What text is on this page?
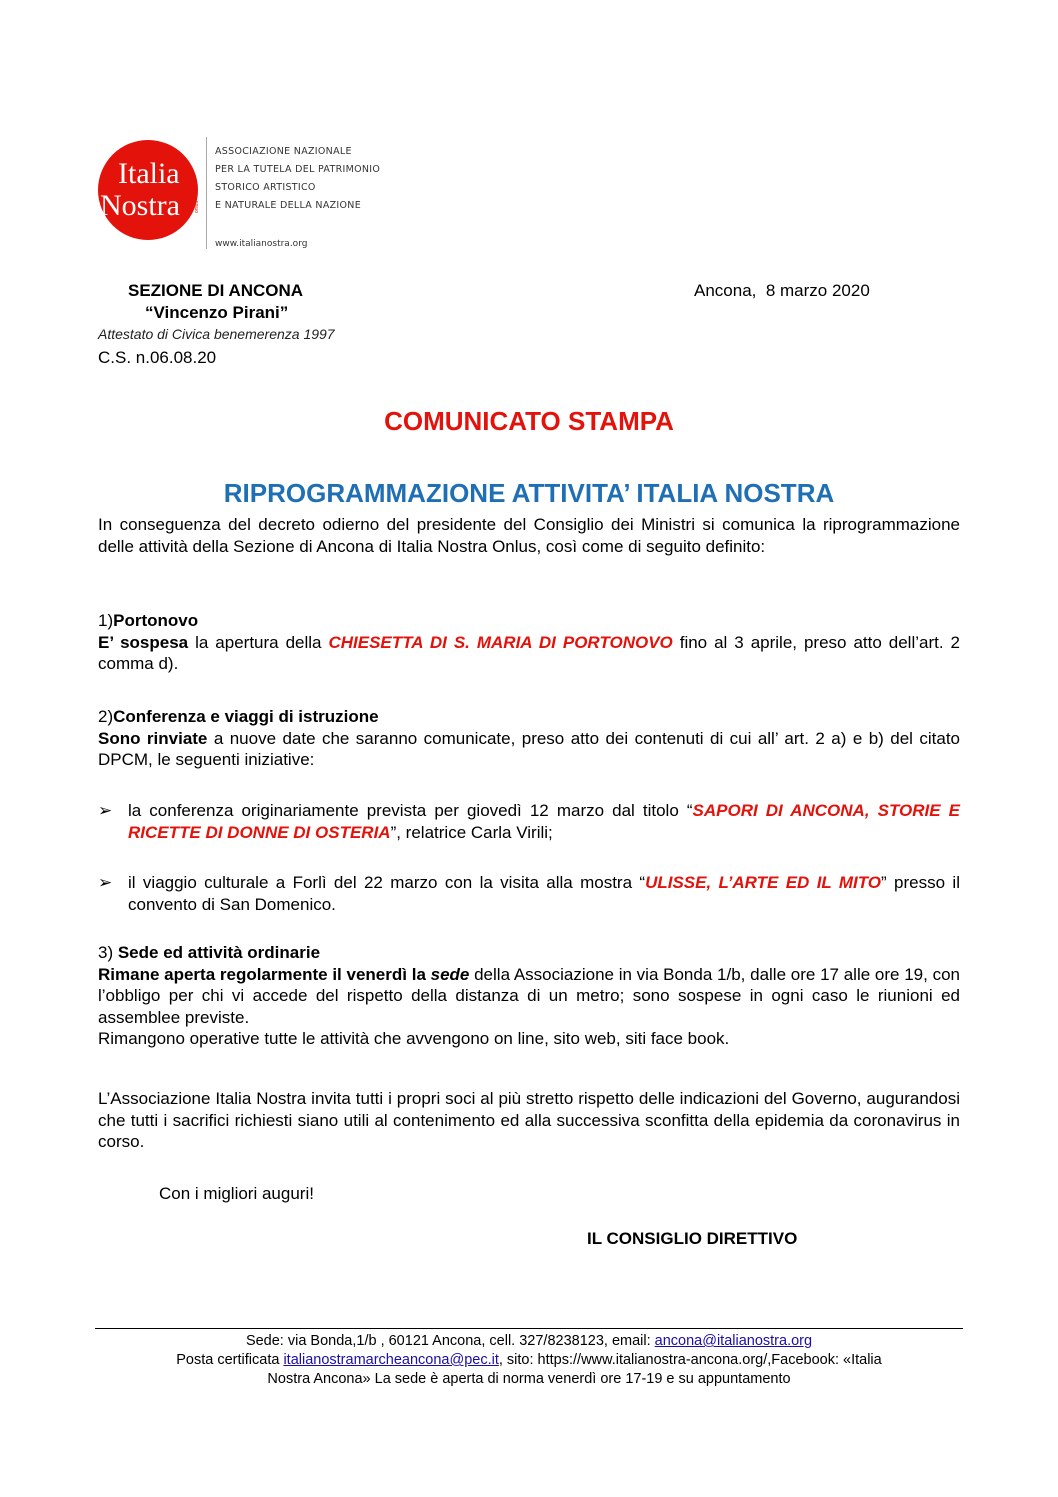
Italia
Nostra	onlus
ASSOCIAZIONE NAZIONALE
PER LA TUTELA DEL PATRIMONIO
STORICO ARTISTICO
E NATURALE DELLA NAZIONE
www.italianostra.org
SEZIONE DI ANCONA
“Vincenzo Pirani”
Attestato di Civica benemerenza 1997
C.S. n.06.08.20
Ancona,  8 marzo 2020
COMUNICATO STAMPA
RIPROGRAMMAZIONE ATTIVITA’ ITALIA NOSTRA

In conseguenza del decreto odierno del presidente del Consiglio dei Ministri si comunica la riprogrammazione delle attività della Sezione di Ancona di Italia Nostra Onlus, così come di seguito definito:

1)Portonovo

E’ sospesa la apertura della CHIESETTA DI S. MARIA DI PORTONOVO fino al 3 aprile, preso atto dell’art. 2 comma d).

2)Conferenza e viaggi di istruzione

Sono rinviate a nuove date che saranno comunicate, preso atto dei contenuti di cui all’ art. 2 a) e b) del citato DPCM, le seguenti iniziative:

➢ la conferenza originariamente prevista per giovedì 12 marzo dal titolo “SAPORI DI ANCONA, STORIE E RICETTE DI DONNE DI OSTERIA”, relatrice Carla Virili;
➢ il viaggio culturale a Forlì del 22 marzo con la visita alla mostra “ULISSE, L’ARTE ED IL MITO” presso il convento di San Domenico.

3) Sede ed attività ordinarie

Rimane aperta regolarmente il venerdì la sede della Associazione in via Bonda 1/b, dalle ore 17 alle ore 19, con l’obbligo per chi vi accede del rispetto della distanza di un metro; sono sospese in ogni caso le riunioni ed assemblee previste.

Rimangono operative tutte le attività che avvengono on line, sito web, siti face book.

L’Associazione Italia Nostra invita tutti i propri soci al più stretto rispetto delle indicazioni del Governo, augurandosi che tutti i sacrifici richiesti siano utili al contenimento ed alla successiva sconfitta della epidemia da coronavirus in corso.

Con i migliori auguri!
IL CONSIGLIO DIRETTIVO
Sede: via Bonda,1/b , 60121 Ancona, cell. 327/8238123, email: ancona@italianostra.org
Posta certificata italianostramarcheancona@pec.it, sito: https://www.italianostra-ancona.org/,Facebook: «Italia
Nostra Ancona» La sede è aperta di norma venerdì ore 17-19 e su appuntamento
